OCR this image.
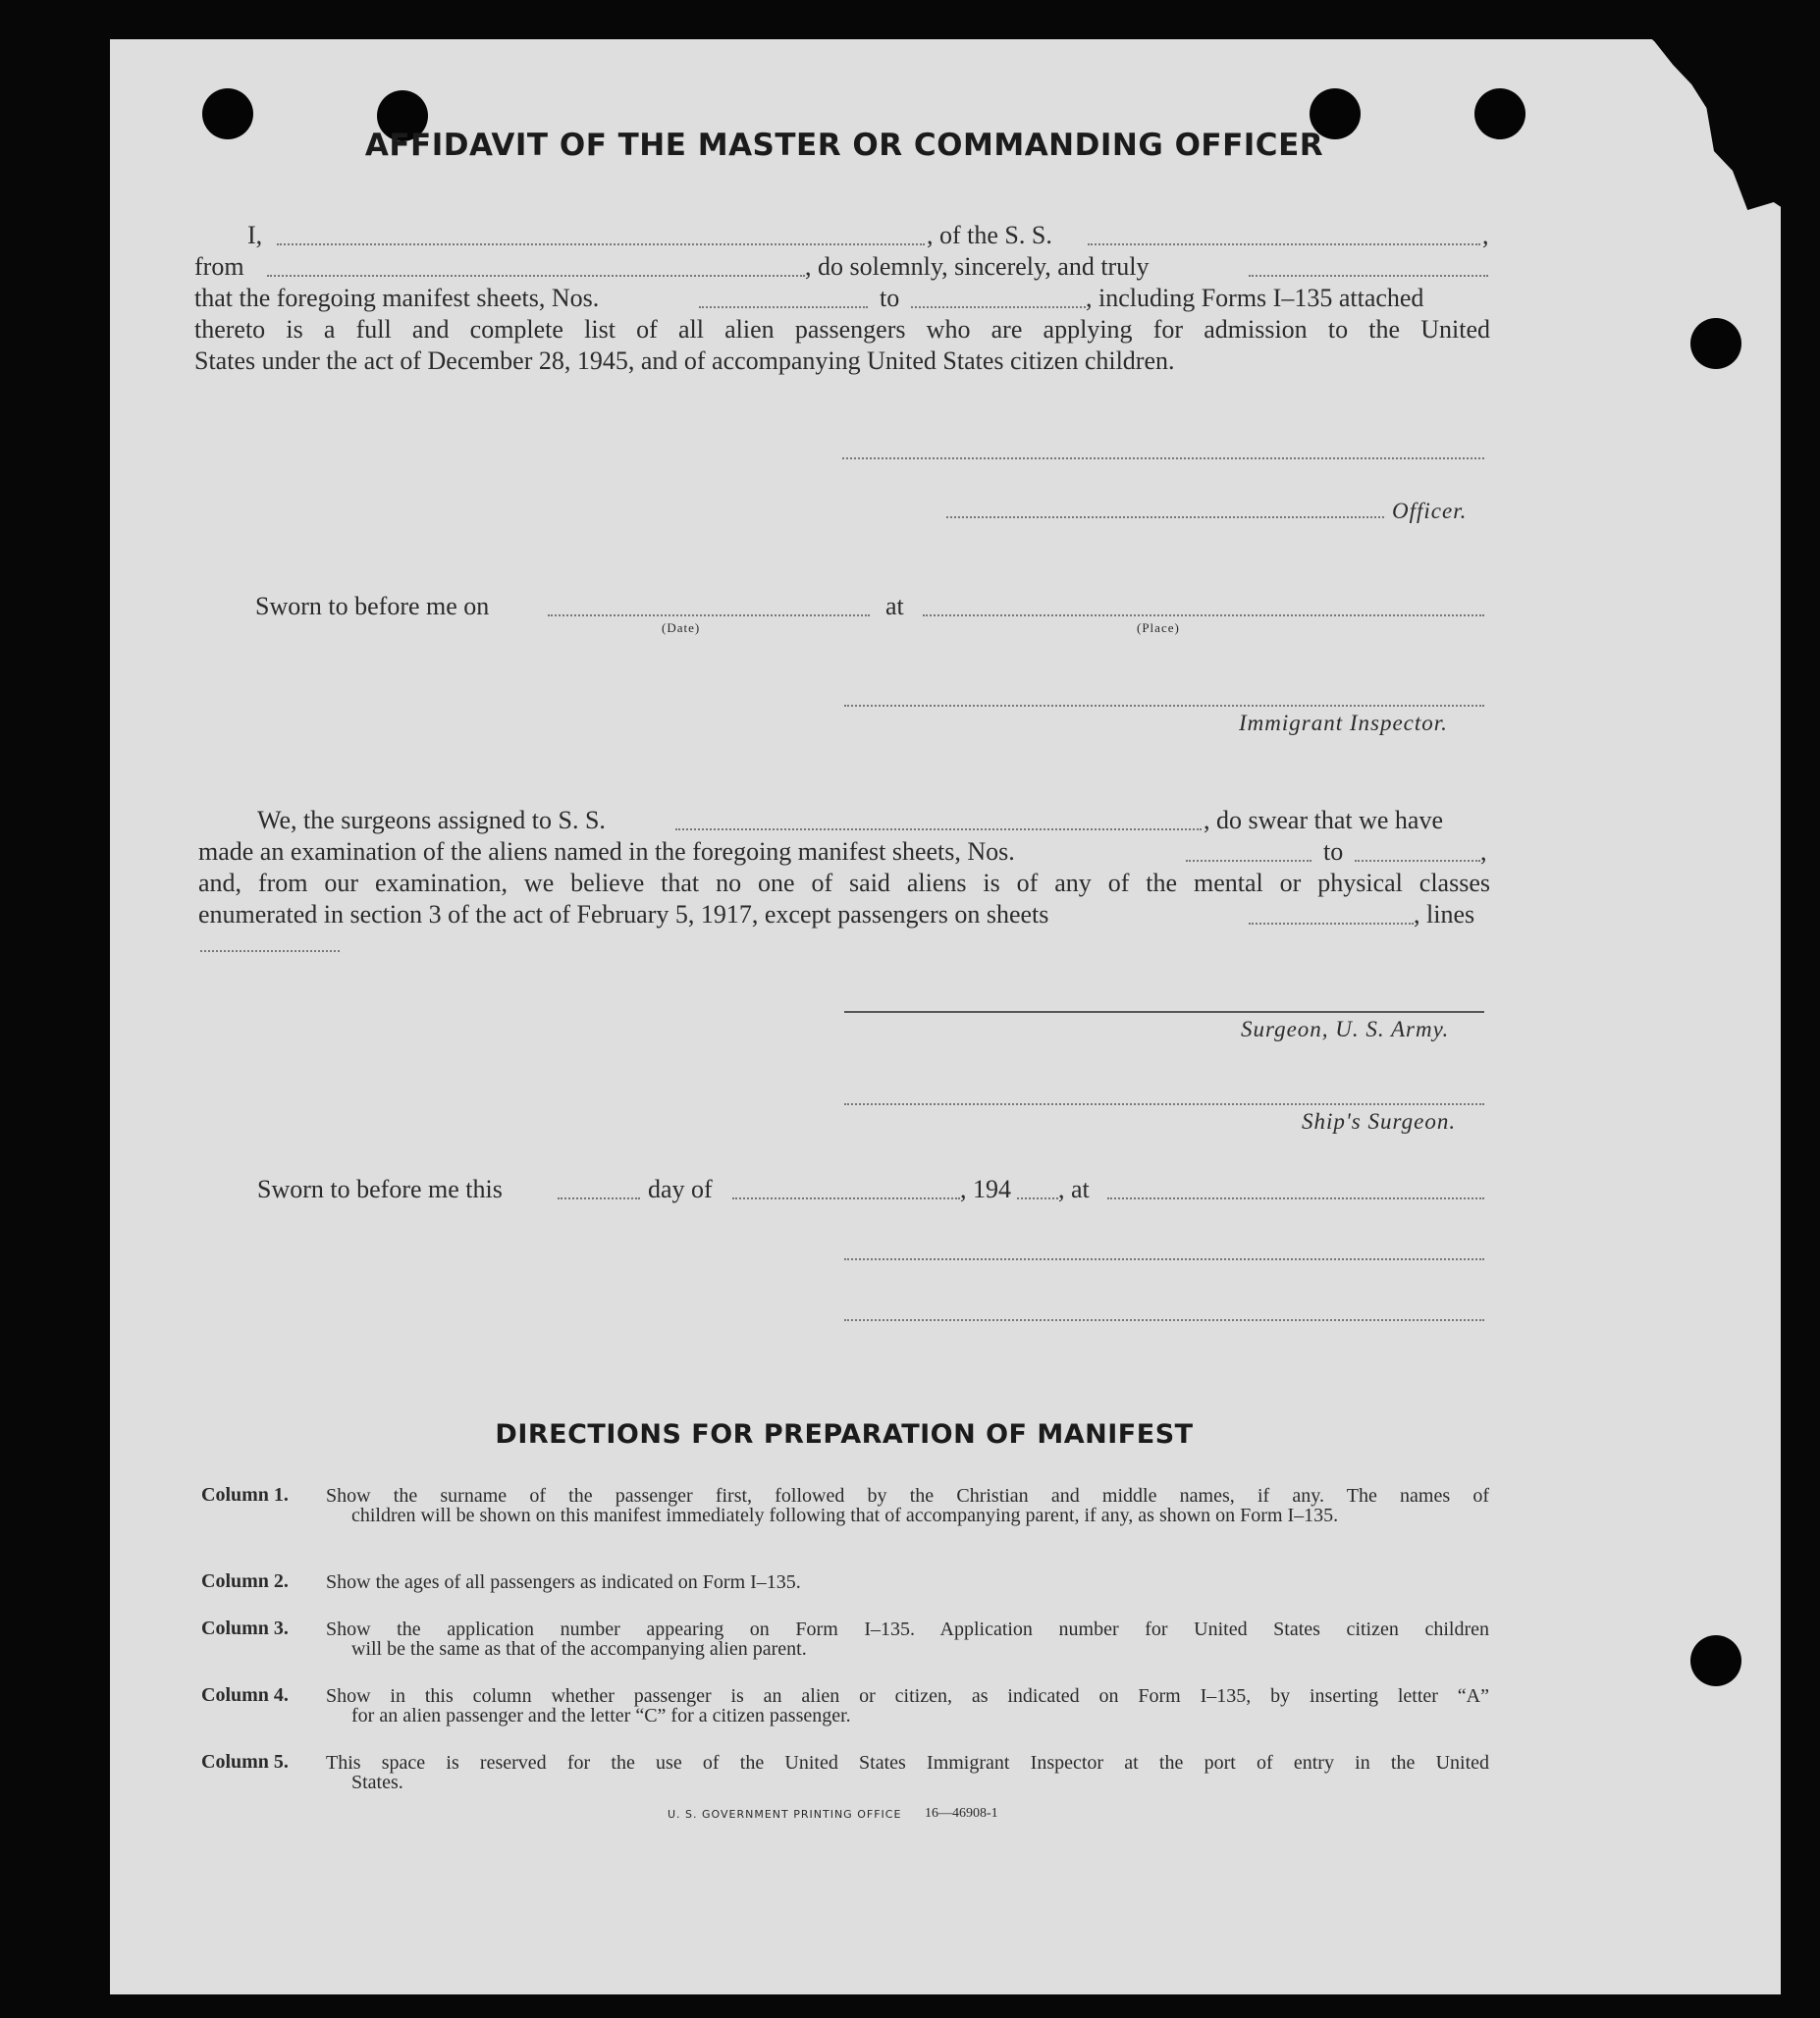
AFFIDAVIT OF THE MASTER OR COMMANDING OFFICER
I,	, of the S. S.	,
from	, do solemnly, sincerely, and truly
that the foregoing manifest sheets, Nos.	to	, including Forms I–135 attached
thereto is a full and complete list of all alien passengers who are applying for admission to the United
States under the act of December 28, 1945, and of accompanying United States citizen children.
Officer.
Sworn to before me on
(Date)
at
(Place)
Immigrant Inspector.
We, the surgeons assigned to S. S.	, do swear that we have
made an examination of the aliens named in the foregoing manifest sheets, Nos.	to	,
and, from our examination, we believe that no one of said aliens is of any of the mental or physical classes
enumerated in section 3 of the act of February 5, 1917, except passengers on sheets	, lines
Surgeon, U. S. Army.
Ship's Surgeon.
Sworn to before me this	day of	, 194 , at
DIRECTIONS FOR PREPARATION OF MANIFEST
Column 1. Show the surname of the passenger first, followed by the Christian and middle names, if any. The names of
children will be shown on this manifest immediately following that of accompanying parent, if any, as shown on Form I–135.
Column 2. Show the ages of all passengers as indicated on Form I–135.
Column 3. Show the application number appearing on Form I–135. Application number for United States citizen children
will be the same as that of the accompanying alien parent.
Column 4. Show in this column whether passenger is an alien or citizen, as indicated on Form I–135, by inserting letter “A”
for an alien passenger and the letter “C” for a citizen passenger.
Column 5. This space is reserved for the use of the United States Immigrant Inspector at the port of entry in the United
States.
U. S. GOVERNMENT PRINTING OFFICE 16—46908-1
